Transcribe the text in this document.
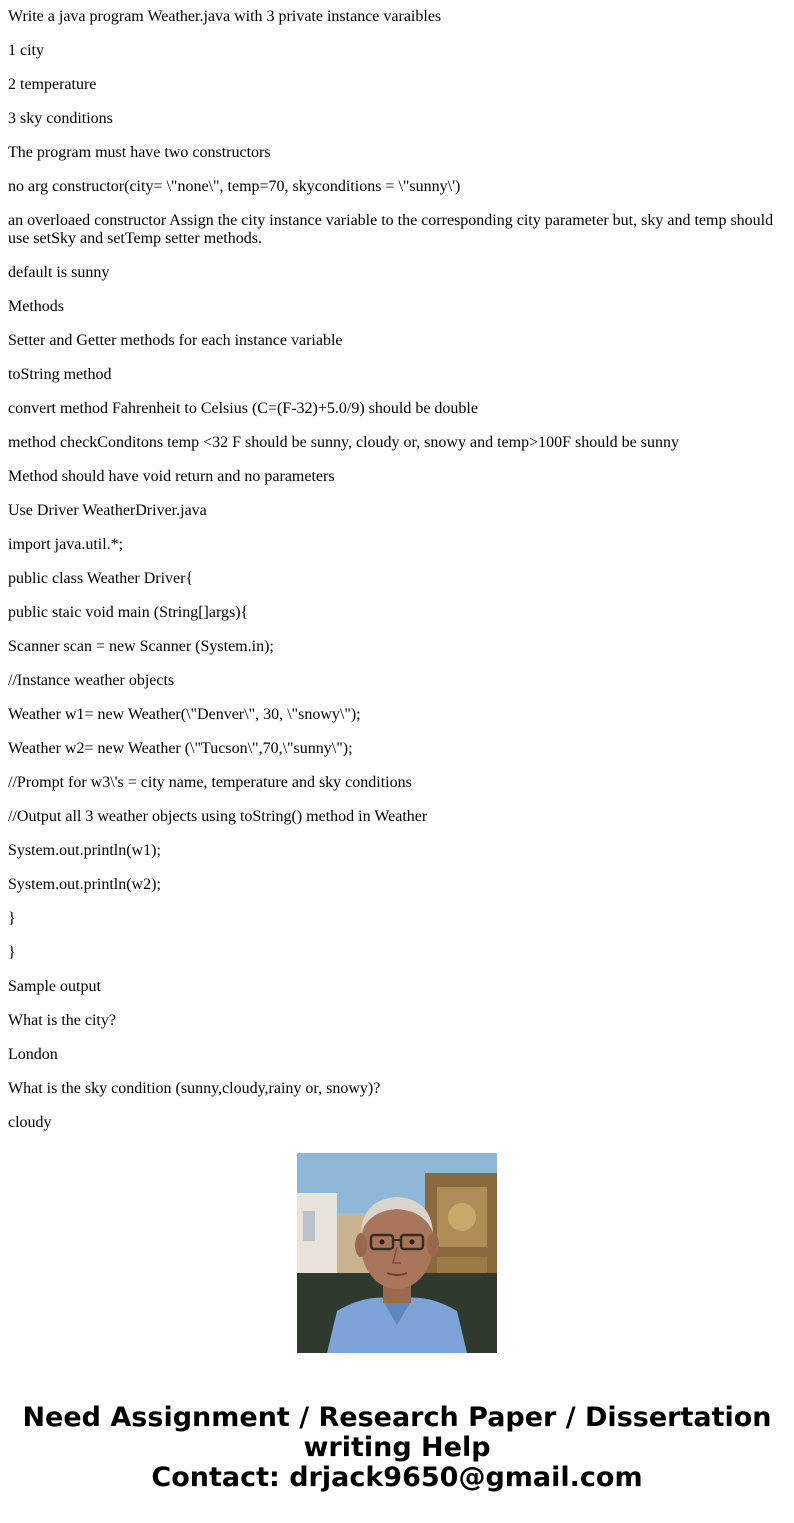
Write a java program Weather.java with 3 private instance varaibles

1 city

2 temperature

3 sky conditions

The program must have two constructors

no arg constructor(city= \"none\", temp=70, skyconditions = \"sunny\')

an overloaed constructor Assign the city instance variable to the corresponding city parameter but, sky and temp should use setSky and setTemp setter methods.

default is sunny

Methods

Setter and Getter methods for each instance variable

toString method

convert method Fahrenheit to Celsius (C=(F-32)+5.0/9) should be double

method checkConditons temp <32 F should be sunny, cloudy or, snowy and temp>100F should be sunny

Method should have void return and no parameters

Use Driver WeatherDriver.java

import java.util.*;

public class Weather Driver{

public staic void main (String[]args){

Scanner scan = new Scanner (System.in);

//Instance weather objects

Weather w1= new Weather(\"Denver\", 30, \"snowy\");

Weather w2= new Weather (\"Tucson\",70,\"sunny\");

//Prompt for w3\'s = city name, temperature and sky conditions

//Output all 3 weather objects using toString() method in Weather

System.out.println(w1);

System.out.println(w2);

}

}

Sample output

What is the city?

London

What is the sky condition (sunny,cloudy,rainy or, snowy)?

cloudy

Need Assignment / Research Paper / Dissertation
writing Help
Contact: drjack9650@gmail.com
